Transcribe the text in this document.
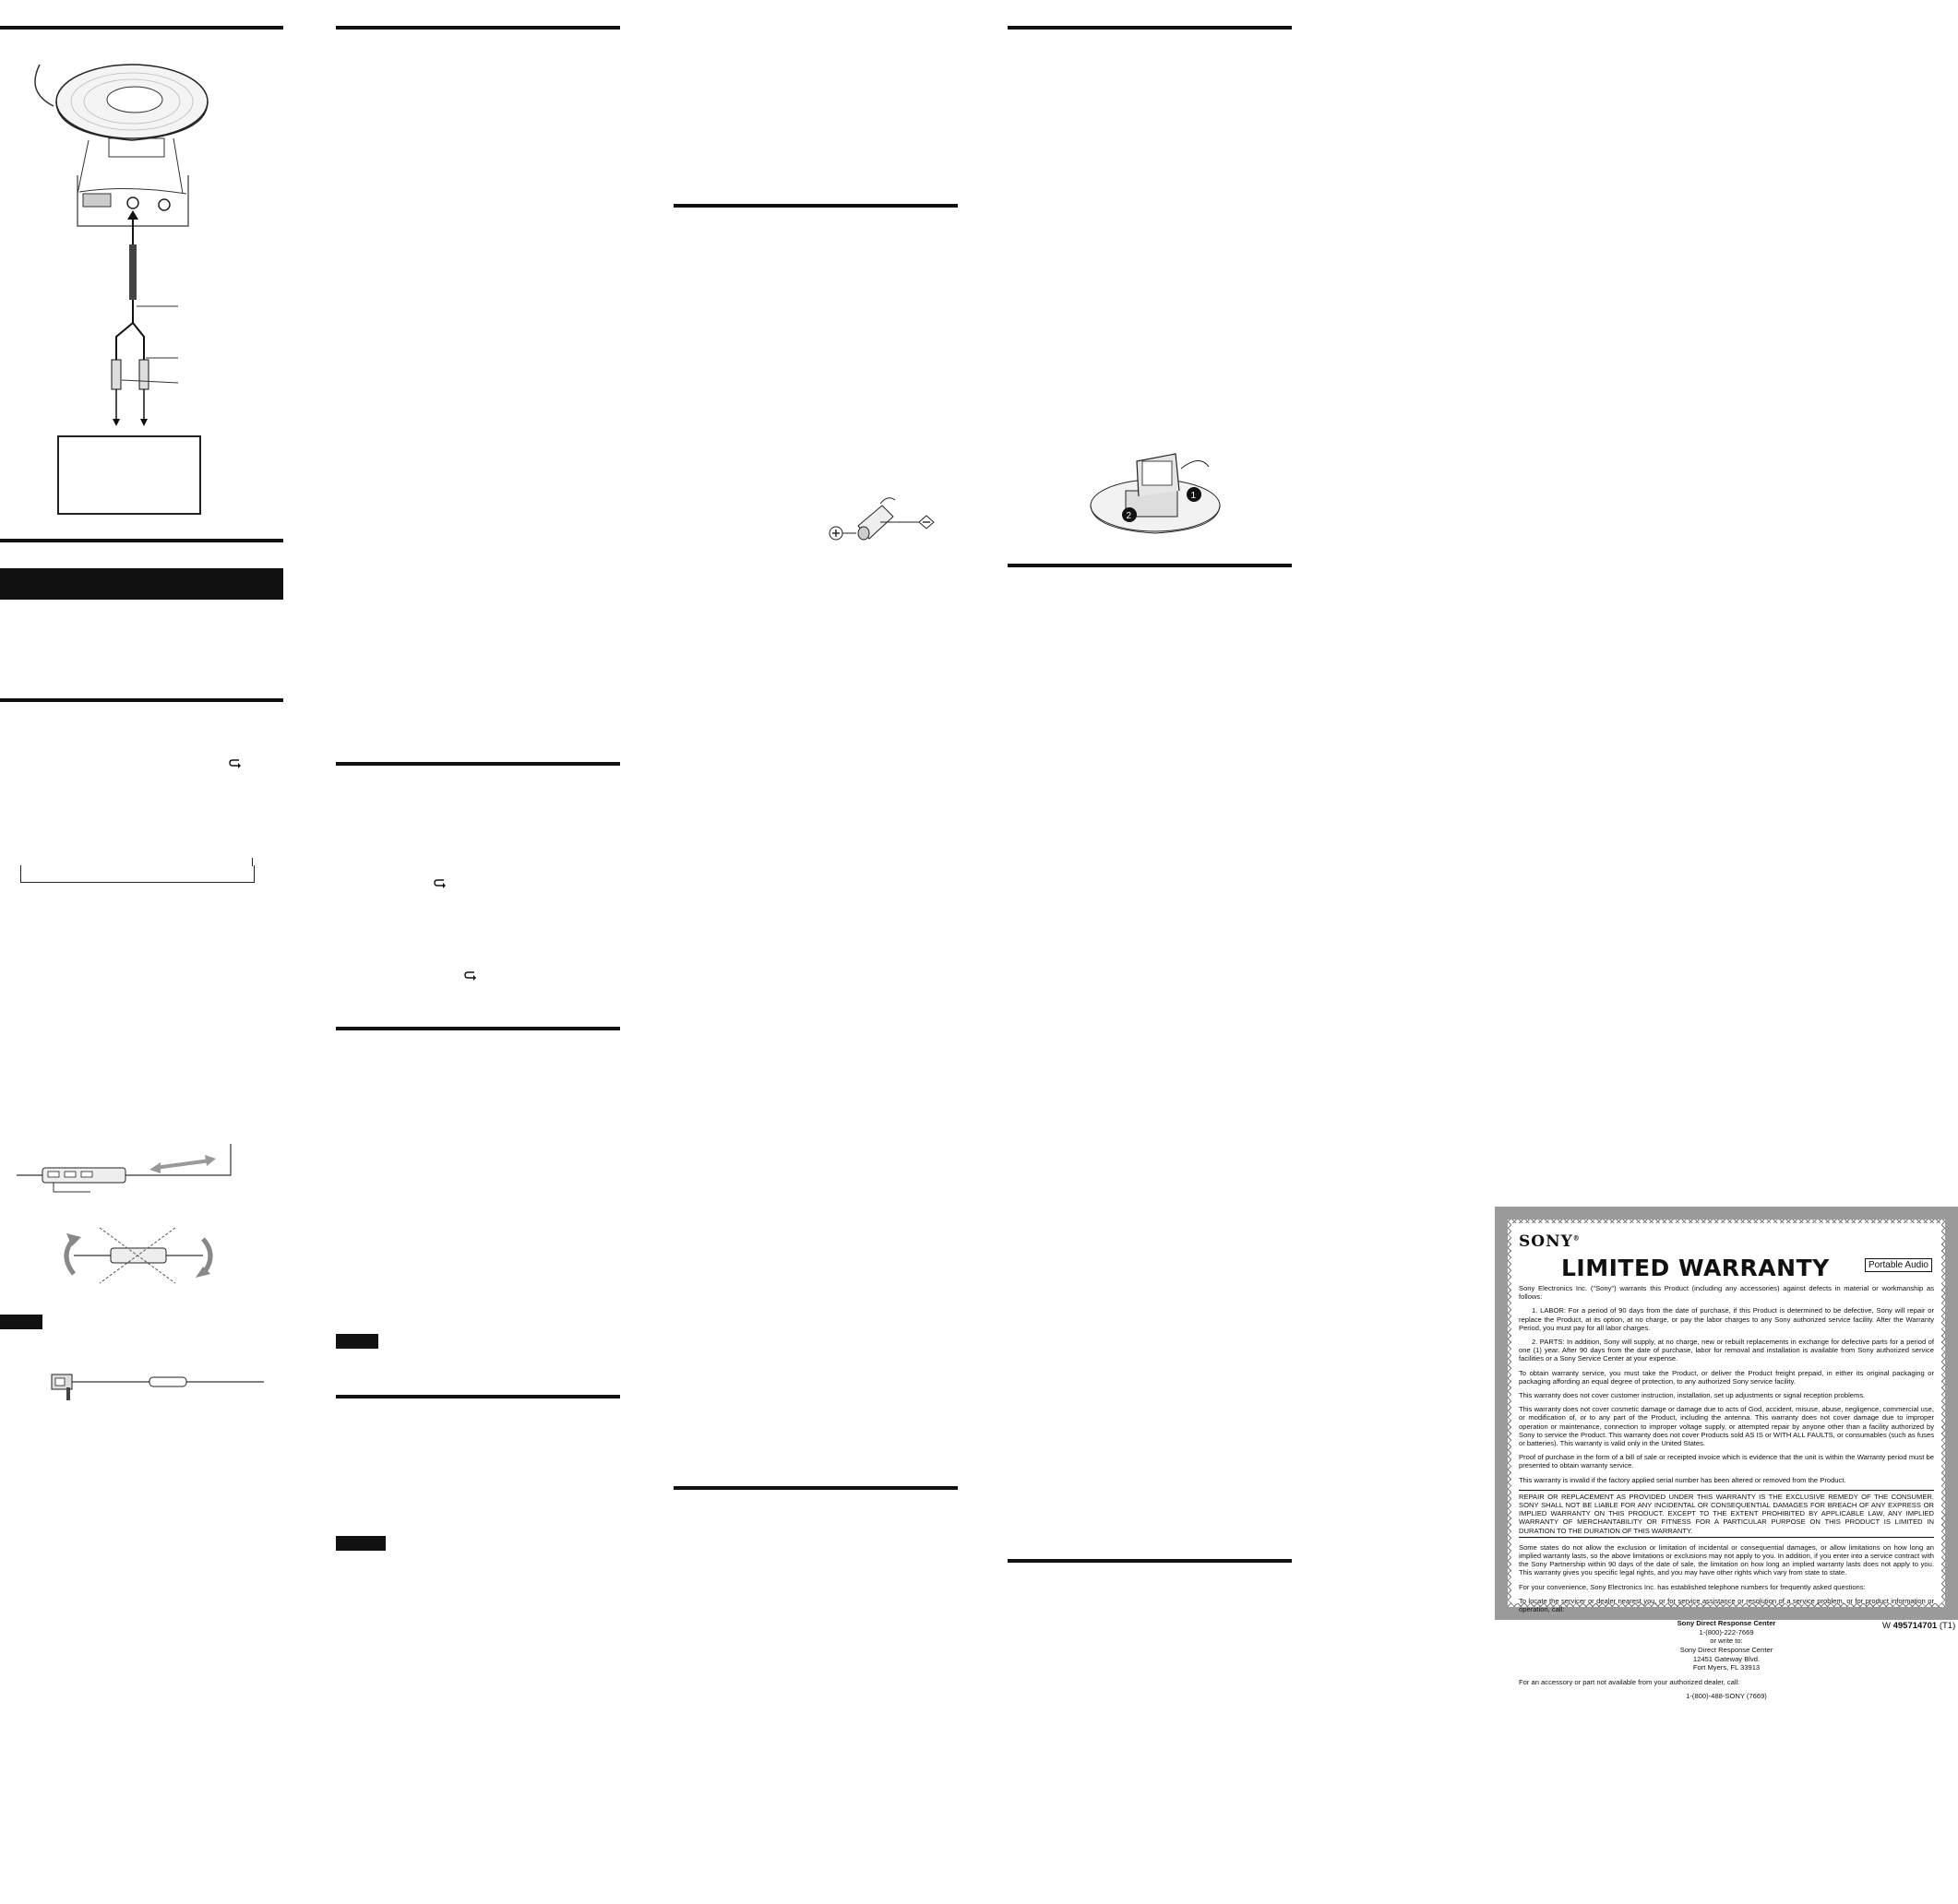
1
2
SONY®
LIMITED WARRANTY	Portable Audio

Sony Electronics Inc. ("Sony") warrants this Product (including any accessories) against defects in material or workmanship as follows:

1. LABOR: For a period of 90 days from the date of purchase, if this Product is determined to be defective, Sony will repair or replace the Product, at its option, at no charge, or pay the labor charges to any Sony authorized service facility. After the Warranty Period, you must pay for all labor charges.

2. PARTS: In addition, Sony will supply, at no charge, new or rebuilt replacements in exchange for defective parts for a period of one (1) year. After 90 days from the date of purchase, labor for removal and installation is available from Sony authorized service facilities or a Sony Service Center at your expense.

To obtain warranty service, you must take the Product, or deliver the Product freight prepaid, in either its original packaging or packaging affording an equal degree of protection, to any authorized Sony service facility.

This warranty does not cover customer instruction, installation, set up adjustments or signal reception problems.

This warranty does not cover cosmetic damage or damage due to acts of God, accident, misuse, abuse, negligence, commercial use, or modification of, or to any part of the Product, including the antenna. This warranty does not cover damage due to improper operation or maintenance, connection to improper voltage supply, or attempted repair by anyone other than a facility authorized by Sony to service the Product. This warranty does not cover Products sold AS IS or WITH ALL FAULTS, or consumables (such as fuses or batteries). This warranty is valid only in the United States.

Proof of purchase in the form of a bill of sale or receipted invoice which is evidence that the unit is within the Warranty period must be presented to obtain warranty service.

This warranty is invalid if the factory applied serial number has been altered or removed from the Product.

REPAIR OR REPLACEMENT AS PROVIDED UNDER THIS WARRANTY IS THE EXCLUSIVE REMEDY OF THE CONSUMER. SONY SHALL NOT BE LIABLE FOR ANY INCIDENTAL OR CONSEQUENTIAL DAMAGES FOR BREACH OF ANY EXPRESS OR IMPLIED WARRANTY ON THIS PRODUCT. EXCEPT TO THE EXTENT PROHIBITED BY APPLICABLE LAW, ANY IMPLIED WARRANTY OF MERCHANTABILITY OR FITNESS FOR A PARTICULAR PURPOSE ON THIS PRODUCT IS LIMITED IN DURATION TO THE DURATION OF THIS WARRANTY.

Some states do not allow the exclusion or limitation of incidental or consequential damages, or allow limitations on how long an implied warranty lasts, so the above limitations or exclusions may not apply to you. In addition, if you enter into a service contract with the Sony Partnership within 90 days of the date of sale, the limitation on how long an implied warranty lasts does not apply to you. This warranty gives you specific legal rights, and you may have other rights which vary from state to state.

For your convenience, Sony Electronics Inc. has established telephone numbers for frequently asked questions:

To locate the servicer or dealer nearest you, or for service assistance or resolution of a service problem, or for product information or operation, call:

Sony Direct Response Center
1-(800)-222-7669
or write to:
Sony Direct Response Center
12451 Gateway Blvd.
Fort Myers, FL 33913

For an accessory or part not available from your authorized dealer, call:

1-(800)-488-SONY (7669)
W 495714701 (T1)
